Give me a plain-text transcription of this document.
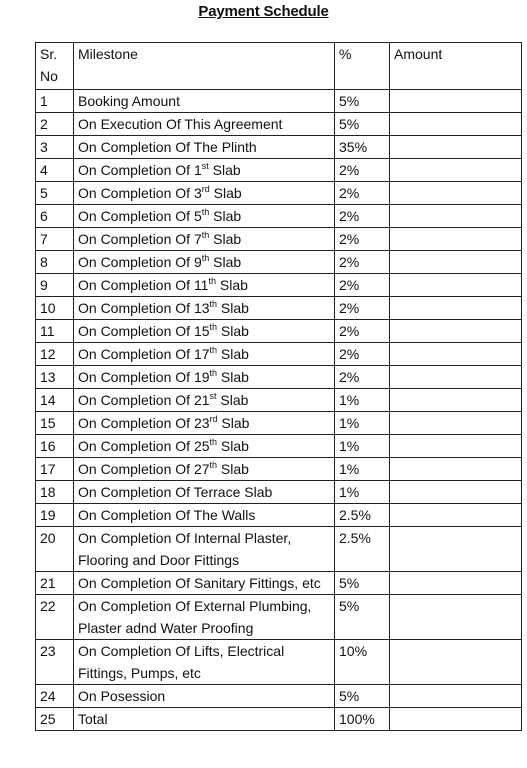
Payment Schedule
Sr. No	Milestone	%	Amount
1	Booking Amount	5%	
2	On Execution Of This Agreement	5%	
3	On Completion Of The Plinth	35%	
4	On Completion Of 1st Slab	2%	
5	On Completion Of 3rd Slab	2%	
6	On Completion Of 5th Slab	2%	
7	On Completion Of 7th Slab	2%	
8	On Completion Of 9th Slab	2%	
9	On Completion Of 11th Slab	2%	
10	On Completion Of 13th Slab	2%	
11	On Completion Of 15th Slab	2%	
12	On Completion Of 17th Slab	2%	
13	On Completion Of 19th Slab	2%	
14	On Completion Of 21st Slab	1%	
15	On Completion Of 23rd Slab	1%	
16	On Completion Of 25th Slab	1%	
17	On Completion Of 27th Slab	1%	
18	On Completion Of Terrace Slab	1%	
19	On Completion Of The Walls	2.5%	
20	On Completion Of Internal Plaster, Flooring and Door Fittings	2.5%	
21	On Completion Of Sanitary Fittings, etc	5%	
22	On Completion Of External Plumbing, Plaster adnd Water Proofing	5%	
23	On Completion Of Lifts, Electrical Fittings, Pumps, etc	10%	
24	On Posession	5%	
25	Total	100%	
